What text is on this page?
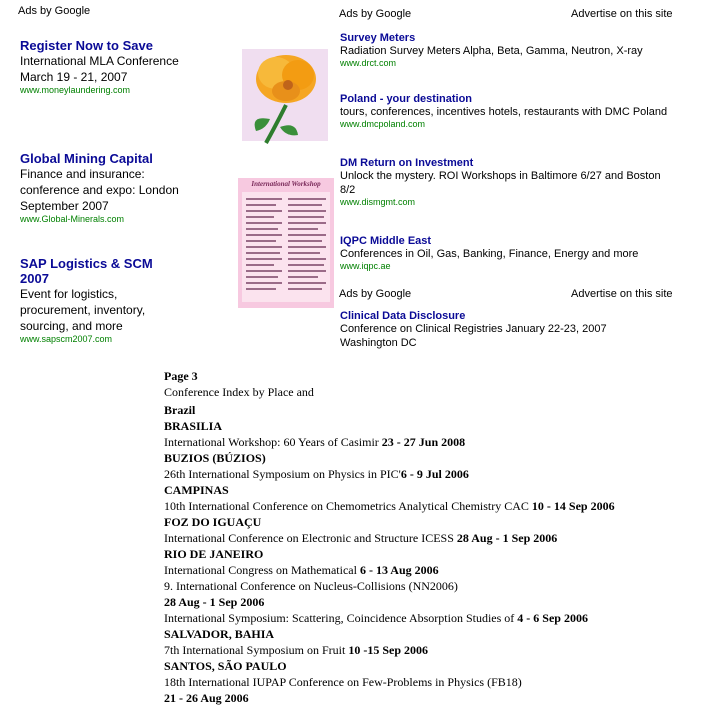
Ads by Google
Register Now to Save
International MLA Conference March 19 - 21, 2007
www.moneylaundering.com
Global Mining Capital
Finance and insurance: conference and expo: London September 2007
www.Global-Minerals.com
SAP Logistics & SCM 2007
Event for logistics, procurement, inventory, sourcing, and more
www.sapscm2007.com
International Workshop
Ads by Google	Advertise on this site
Survey Meters
Radiation Survey Meters Alpha, Beta, Gamma, Neutron, X-ray
www.drct.com
Poland - your destination
tours, conferences, incentives hotels, restaurants with DMC Poland
www.dmcpoland.com
DM Return on Investment
Unlock the mystery. ROI Workshops in Baltimore 6/27 and Boston 8/2
www.dismgmt.com
IQPC Middle East
Conferences in Oil, Gas, Banking, Finance, Energy and more
www.iqpc.ae
Ads by Google	Advertise on this site
Clinical Data Disclosure
Conference on Clinical Registries January 22-23, 2007 Washington DC
Page 3
Conference Index by Place and
Brazil
BRASILIA
International Workshop: 60 Years of Casimir 23 - 27 Jun 2008
BUZIOS (BÚZIOS)
26th International Symposium on Physics in PIC'6 - 9 Jul 2006
CAMPINAS
10th International Conference on Chemometrics Analytical Chemistry CAC 10 - 14 Sep 2006
FOZ DO IGUAÇU
International Conference on Electronic and Structure ICESS 28 Aug - 1 Sep 2006
RIO DE JANEIRO
International Congress on Mathematical 6 - 13 Aug 2006
9. International Conference on Nucleus-Collisions (NN2006)
28 Aug - 1 Sep 2006
International Symposium: Scattering, Coincidence Absorption Studies of 4 - 6 Sep 2006
SALVADOR, BAHIA
7th International Symposium on Fruit 10 -15 Sep 2006
SANTOS, SÃO PAULO
18th International IUPAP Conference on Few-Problems in Physics (FB18)
21 - 26 Aug 2006
